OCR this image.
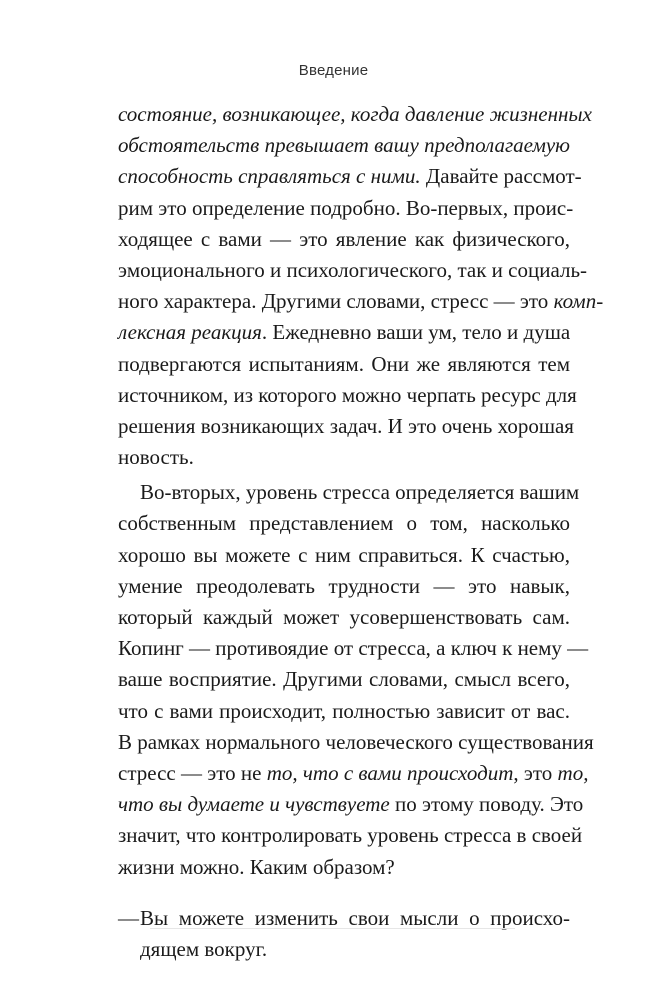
Введение
состояние, возникающее, когда давление жизненных
обстоятельств превышает вашу предполагаемую
способность справляться с ними. Давайте рассмот-
рим это определение подробно. Во-первых, проис-
ходящее с вами — это явление как физического,
эмоционального и психологического, так и социаль-
ного характера. Другими словами, стресс — это комп-
лексная реакция. Ежедневно ваши ум, тело и душа
подвергаются испытаниям. Они же являются тем
источником, из которого можно черпать ресурс для
решения возникающих задач. И это очень хорошая
новость.
Во-вторых, уровень стресса определяется вашим
собственным представлением о том, насколько
хорошо вы можете с ним справиться. К счастью,
умение преодолевать трудности — это навык,
который каждый может усовершенствовать сам.
Копинг — противоядие от стресса, а ключ к нему —
ваше восприятие. Другими словами, смысл всего,
что с вами происходит, полностью зависит от вас.
В рамках нормального человеческого существования
стресс — это не то, что с вами происходит, это то,
что вы думаете и чувствуете по этому поводу. Это
значит, что контролировать уровень стресса в своей
жизни можно. Каким образом?
—Вы можете изменить свои мысли о происхо-
дящем вокруг.
